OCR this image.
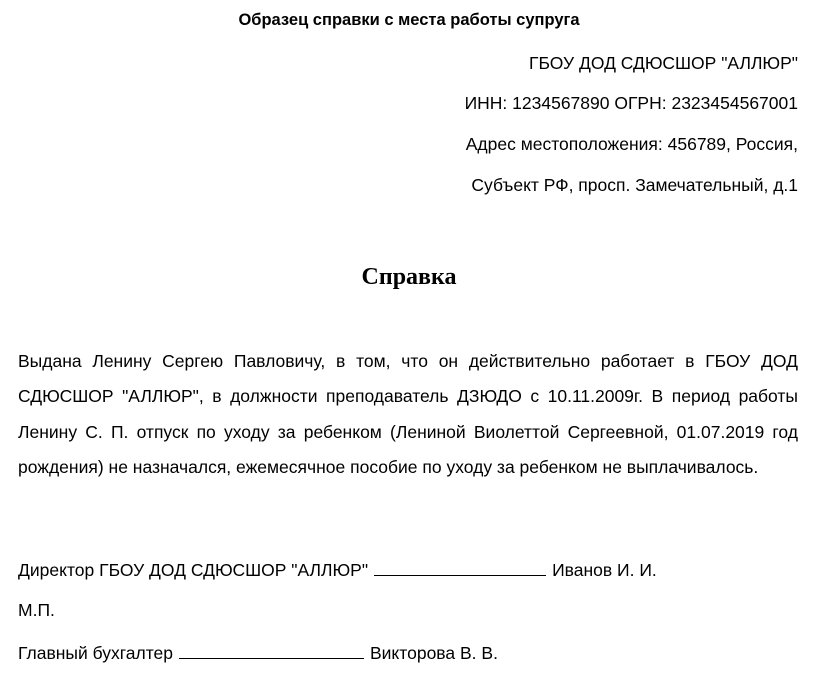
Образец справки с места работы супруга
ГБОУ ДОД СДЮСШОР "АЛЛЮР"
ИНН: 1234567890 ОГРН: 2323454567001
Адрес местоположения: 456789, Россия,
Субъект РФ, просп. Замечательный, д.1
Справка
Выдана Ленину Сергею Павловичу, в том, что он действительно работает в ГБОУ ДОД
СДЮСШОР "АЛЛЮР", в должности преподаватель ДЗЮДО с 10.11.2009г. В период работы
Ленину С. П. отпуск по уходу за ребенком (Лениной Виолеттой Сергеевной, 01.07.2019 год
рождения) не назначался, ежемесячное пособие по уходу за ребенком не выплачивалось.
Директор ГБОУ ДОД СДЮСШОР "АЛЛЮР"	Иванов И. И.
М.П.
Главный бухгалтер	Викторова В. В.
